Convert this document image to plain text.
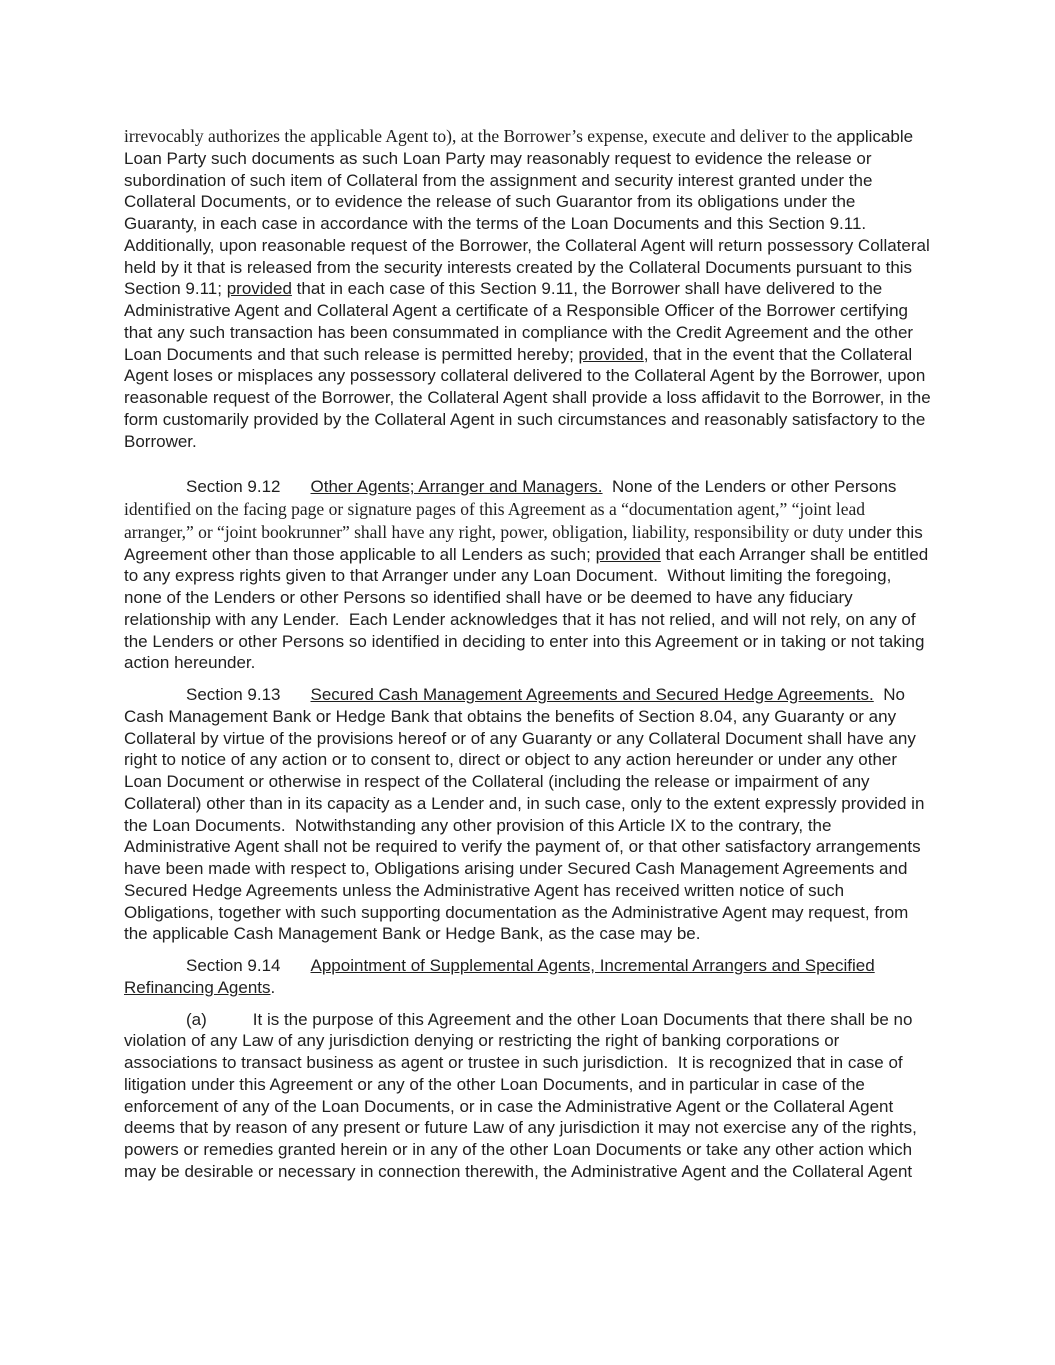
irrevocably authorizes the applicable Agent to), at the Borrower’s expense, execute and deliver to the applicable Loan Party such documents as such Loan Party may reasonably request to evidence the release or subordination of such item of Collateral from the assignment and security interest granted under the Collateral Documents, or to evidence the release of such Guarantor from its obligations under the Guaranty, in each case in accordance with the terms of the Loan Documents and this Section 9.11.  Additionally, upon reasonable request of the Borrower, the Collateral Agent will return possessory Collateral held by it that is released from the security interests created by the Collateral Documents pursuant to this Section 9.11; provided that in each case of this Section 9.11, the Borrower shall have delivered to the Administrative Agent and Collateral Agent a certificate of a Responsible Officer of the Borrower certifying that any such transaction has been consummated in compliance with the Credit Agreement and the other Loan Documents and that such release is permitted hereby; provided, that in the event that the Collateral Agent loses or misplaces any possessory collateral delivered to the Collateral Agent by the Borrower, upon reasonable request of the Borrower, the Collateral Agent shall provide a loss affidavit to the Borrower, in the form customarily provided by the Collateral Agent in such circumstances and reasonably satisfactory to the Borrower.

Section 9.12 Other Agents; Arranger and Managers.  None of the Lenders or other Persons identified on the facing page or signature pages of this Agreement as a “documentation agent,” “joint lead arranger,” or “joint bookrunner” shall have any right, power, obligation, liability, responsibility or duty under this Agreement other than those applicable to all Lenders as such; provided that each Arranger shall be entitled to any express rights given to that Arranger under any Loan Document.  Without limiting the foregoing, none of the Lenders or other Persons so identified shall have or be deemed to have any fiduciary relationship with any Lender.  Each Lender acknowledges that it has not relied, and will not rely, on any of the Lenders or other Persons so identified in deciding to enter into this Agreement or in taking or not taking action hereunder.

Section 9.13 Secured Cash Management Agreements and Secured Hedge Agreements.  No Cash Management Bank or Hedge Bank that obtains the benefits of Section 8.04, any Guaranty or any Collateral by virtue of the provisions hereof or of any Guaranty or any Collateral Document shall have any right to notice of any action or to consent to, direct or object to any action hereunder or under any other Loan Document or otherwise in respect of the Collateral (including the release or impairment of any Collateral) other than in its capacity as a Lender and, in such case, only to the extent expressly provided in the Loan Documents.  Notwithstanding any other provision of this Article IX to the contrary, the Administrative Agent shall not be required to verify the payment of, or that other satisfactory arrangements have been made with respect to, Obligations arising under Secured Cash Management Agreements and Secured Hedge Agreements unless the Administrative Agent has received written notice of such Obligations, together with such supporting documentation as the Administrative Agent may request, from the applicable Cash Management Bank or Hedge Bank, as the case may be.

Section 9.14 Appointment of Supplemental Agents, Incremental Arrangers and Specified Refinancing Agents.

(a)	It is the purpose of this Agreement and the other Loan Documents that there shall be no violation of any Law of any jurisdiction denying or restricting the right of banking corporations or associations to transact business as agent or trustee in such jurisdiction.  It is recognized that in case of litigation under this Agreement or any of the other Loan Documents, and in particular in case of the enforcement of any of the Loan Documents, or in case the Administrative Agent or the Collateral Agent deems that by reason of any present or future Law of any jurisdiction it may not exercise any of the rights, powers or remedies granted herein or in any of the other Loan Documents or take any other action which may be desirable or necessary in connection therewith, the Administrative Agent and the Collateral Agent
